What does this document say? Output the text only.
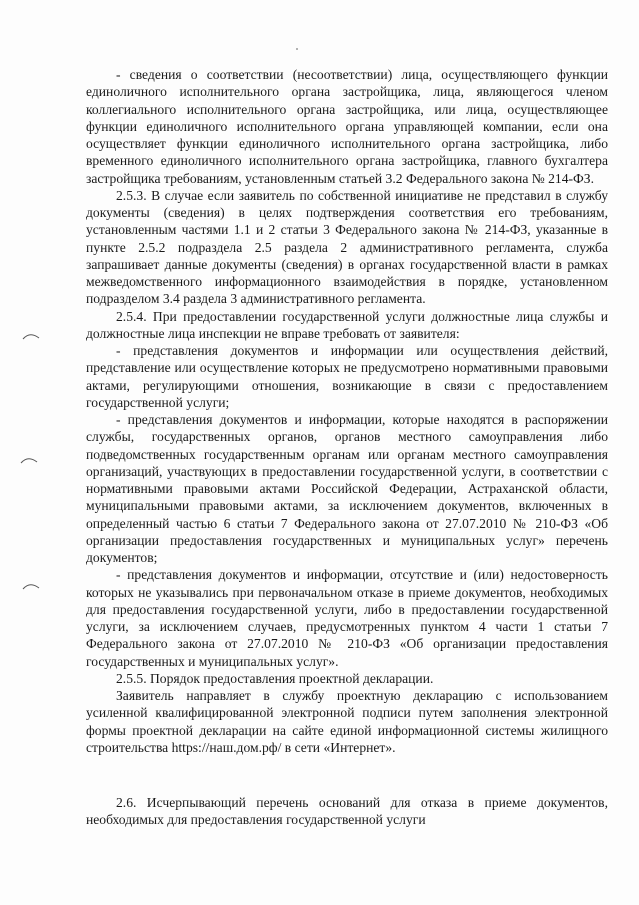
- сведения о соответствии (несоответствии) лица, осуществляющего функции единоличного исполнительного органа застройщика, лица, являющегося членом коллегиального исполнительного органа застройщика, или лица, осуществляющее функции единоличного исполнительного органа управляющей компании, если она осуществляет функции единоличного исполнительного органа застройщика, либо временного единоличного исполнительного органа застройщика, главного бухгалтера застройщика требованиям, установленным статьей 3.2 Федерального закона № 214-ФЗ.

2.5.3. В случае если заявитель по собственной инициативе не представил в службу документы (сведения) в целях подтверждения соответствия его требованиям, установленным частями 1.1 и 2 статьи 3 Федерального закона № 214-ФЗ, указанные в пункте 2.5.2 подраздела 2.5 раздела 2 административного регламента, служба запрашивает данные документы (сведения) в органах государственной власти в рамках межведомственного информационного взаимодействия в порядке, установленном подразделом 3.4 раздела 3 административного регламента.

2.5.4. При предоставлении государственной услуги должностные лица службы и должностные лица инспекции не вправе требовать от заявителя:

- представления документов и информации или осуществления действий, представление или осуществление которых не предусмотрено нормативными правовыми актами, регулирующими отношения, возникающие в связи с предоставлением государственной услуги;

- представления документов и информации, которые находятся в распоряжении службы, государственных органов, органов местного самоуправления либо подведомственных государственным органам или органам местного самоуправления организаций, участвующих в предоставлении государственной услуги, в соответствии с нормативными правовыми актами Российской Федерации, Астраханской области, муниципальными правовыми актами, за исключением документов, включенных в определенный частью 6 статьи 7 Федерального закона от 27.07.2010 № 210-ФЗ «Об организации предоставления государственных и муниципальных услуг» перечень документов;

- представления документов и информации, отсутствие и (или) недостоверность которых не указывались при первоначальном отказе в приеме документов, необходимых для предоставления государственной услуги, либо в предоставлении государственной услуги, за исключением случаев, предусмотренных пунктом 4 части 1 статьи 7 Федерального закона от 27.07.2010 № 210-ФЗ «Об организации предоставления государственных и муниципальных услуг».

2.5.5. Порядок предоставления проектной декларации.

Заявитель направляет в службу проектную декларацию с использованием усиленной квалифицированной электронной подписи путем заполнения электронной формы проектной декларации на сайте единой информационной системы жилищного строительства https://наш.дом.рф/ в сети «Интернет».

2.6. Исчерпывающий перечень оснований для отказа в приеме документов, необходимых для предоставления государственной услуги
